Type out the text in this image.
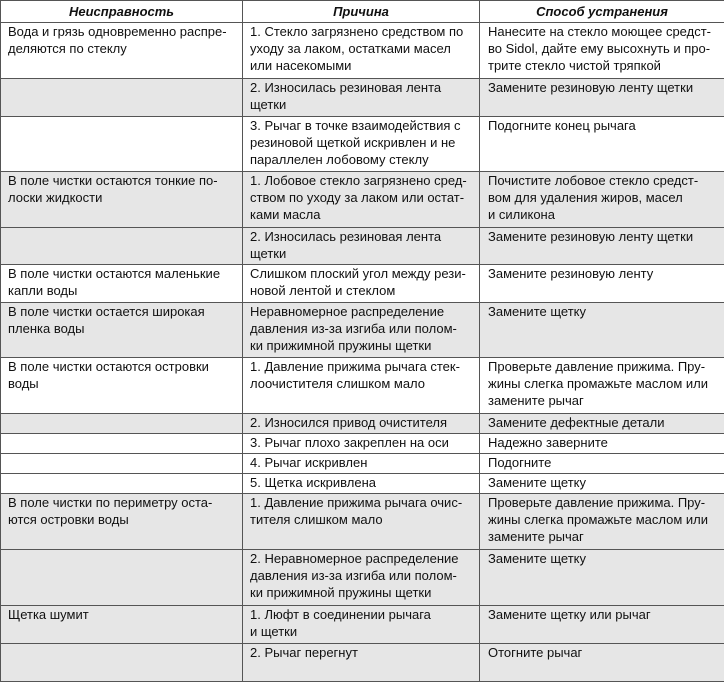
Неисправность	Причина	Способ устранения
Вода и грязь одновременно распре-
деляются по стеклу	1. Стекло загрязнено средством по
уходу за лаком, остатками масел
или насекомыми	Нанесите на стекло моющее средст-
во Sidol, дайте ему высохнуть и про-
трите стекло чистой тряпкой
	2. Износилась резиновая лента
щетки	Замените резиновую ленту щетки
	3. Рычаг в точке взаимодействия с
резиновой щеткой искривлен и не
параллелен лобовому стеклу	Подогните конец рычага
В поле чистки остаются тонкие по-
лоски жидкости	1. Лобовое стекло загрязнено сред-
ством по уходу за лаком или остат-
ками масла	Почистите лобовое стекло средст-
вом для удаления жиров, масел
и силикона
	2. Износилась резиновая лента
щетки	Замените резиновую ленту щетки
В поле чистки остаются маленькие
капли воды	Слишком плоский угол между рези-
новой лентой и стеклом	Замените резиновую ленту
В поле чистки остается широкая
пленка воды	Неравномерное распределение
давления из-за изгиба или полом-
ки прижимной пружины щетки	Замените щетку
В поле чистки остаются островки
воды	1. Давление прижима рычага стек-
лоочистителя слишком мало	Проверьте давление прижима. Пру-
жины слегка промажьте маслом или
замените рычаг
	2. Износился привод очистителя	Замените дефектные детали
	3. Рычаг плохо закреплен на оси	Надежно заверните
	4. Рычаг искривлен	Подогните
	5. Щетка искривлена	Замените щетку
В поле чистки по периметру оста-
ются островки воды	1. Давление прижима рычага очис-
тителя слишком мало	Проверьте давление прижима. Пру-
жины слегка промажьте маслом или
замените рычаг
	2. Неравномерное распределение
давления из-за изгиба или полом-
ки прижимной пружины щетки	Замените щетку
Щетка шумит	1. Люфт в соединении рычага
и щетки	Замените щетку или рычаг
	2. Рычаг перегнут	Отогните рычаг
